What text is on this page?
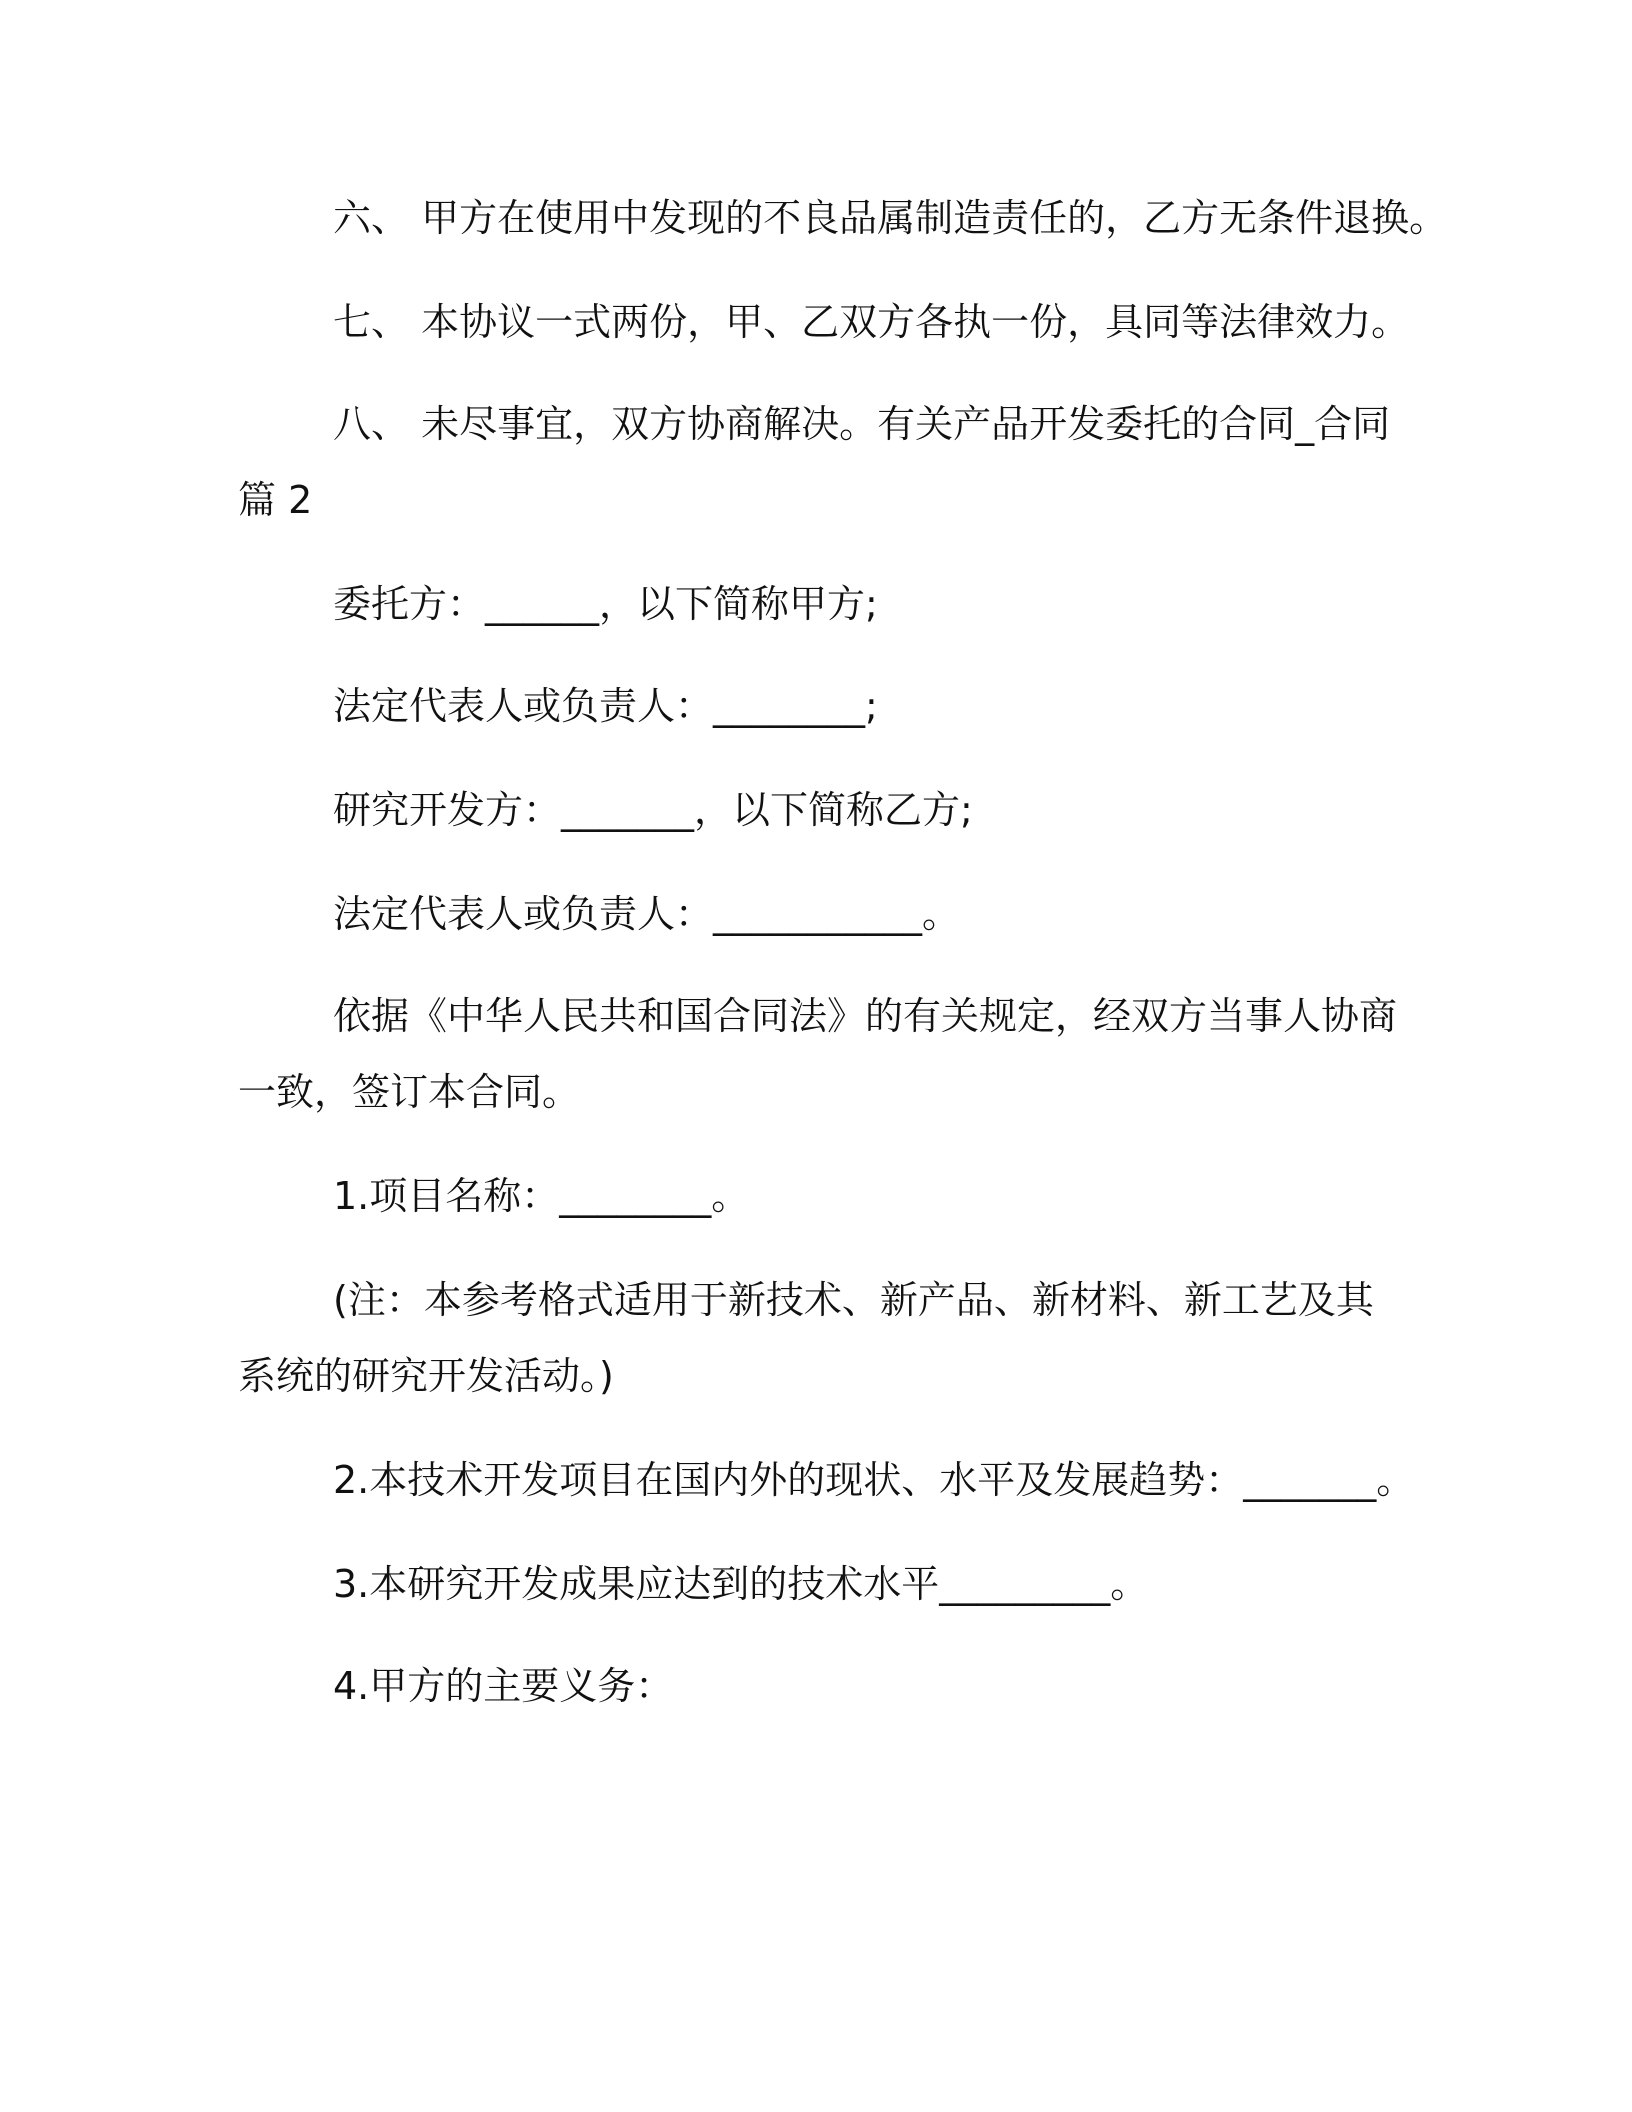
六、 甲方在使用中发现的不良品属制造责任的，乙方无条件退换。

七、 本协议一式两份，甲、乙双方各执一份，具同等法律效力。

八、 未尽事宜，双方协商解决。有关产品开发委托的合同_合同

篇 2

委托方：______，以下简称甲方;

法定代表人或负责人：________;

研究开发方：_______，以下简称乙方;

法定代表人或负责人：___________。

依据《中华人民共和国合同法》的有关规定，经双方当事人协商

一致，签订本合同。

1.项目名称：________。

(注：本参考格式适用于新技术、新产品、新材料、新工艺及其

系统的研究开发活动。)

2.本技术开发项目在国内外的现状、水平及发展趋势：_______。

3.本研究开发成果应达到的技术水平_________。

4.甲方的主要义务：
